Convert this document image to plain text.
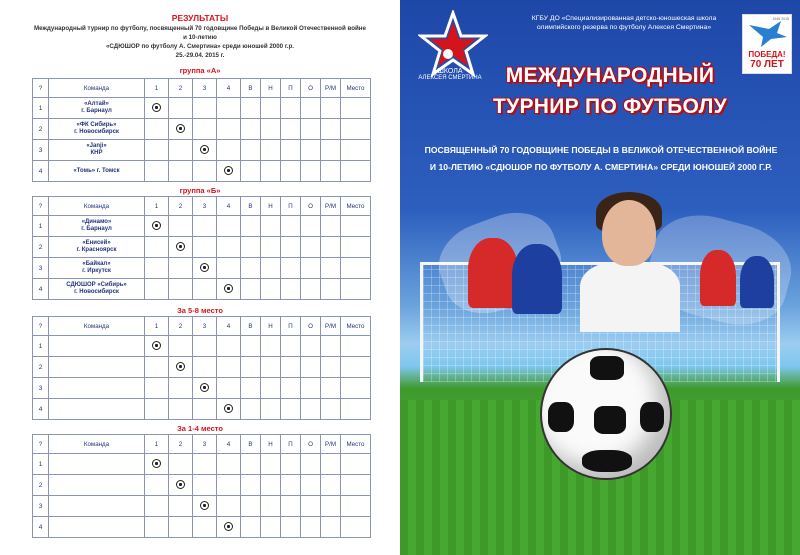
РЕЗУЛЬТАТЫ
Международный турнир по футболу, посвященный 70 годовщине Победы в Великой Отечественной войне
и 10-летию
«СДЮШОР по футболу А. Смертина» среди юношей 2000 г.р.
25.-29.04. 2015 г.
группа «А»
?	Команда	1	2	3	4	В	Н	П	О	Р/М	Место
1	«Алтай»
г. Барнаул										

2	«ФК Сибирь»
г. Новосибирск										

3	«Janji»
КНР										

4	«Томь» г. Томск										

группа «Б»
?	Команда	1	2	3	4	В	Н	П	О	Р/М	Место
1	«Динамо»
г. Барнаул										

2	«Енисей»
г. Красноярск										

3	«Байкал»
г. Иркутск										

4	СДЮШОР «Сибирь»
г. Новосибирск										

За 5-8 место
?	Команда	1	2	3	4	В	Н	П	О	Р/М	Место
1											
2											
3											
4											
За 1-4 место
?	Команда	1	2	3	4	В	Н	П	О	Р/М	Место
1											
2											
3											
4											
ШКОЛА
АЛЕКСЕЯ СМЕРТИНА
КГБУ ДО «Специализированная детско-юношеская школа
олимпийского резерва по футболу Алексея Смертина»
1945 2015
ПОБЕДА!
70 ЛЕТ
МЕЖДУНАРОДНЫЙ
ТУРНИР ПО ФУТБОЛУ
ПОСВЯЩЕННЫЙ 70 ГОДОВЩИНЕ ПОБЕДЫ В ВЕЛИКОЙ ОТЕЧЕСТВЕННОЙ ВОЙНЕ
И 10-ЛЕТИЮ «СДЮШОР ПО ФУТБОЛУ А. СМЕРТИНА» СРЕДИ ЮНОШЕЙ 2000 Г.Р.
